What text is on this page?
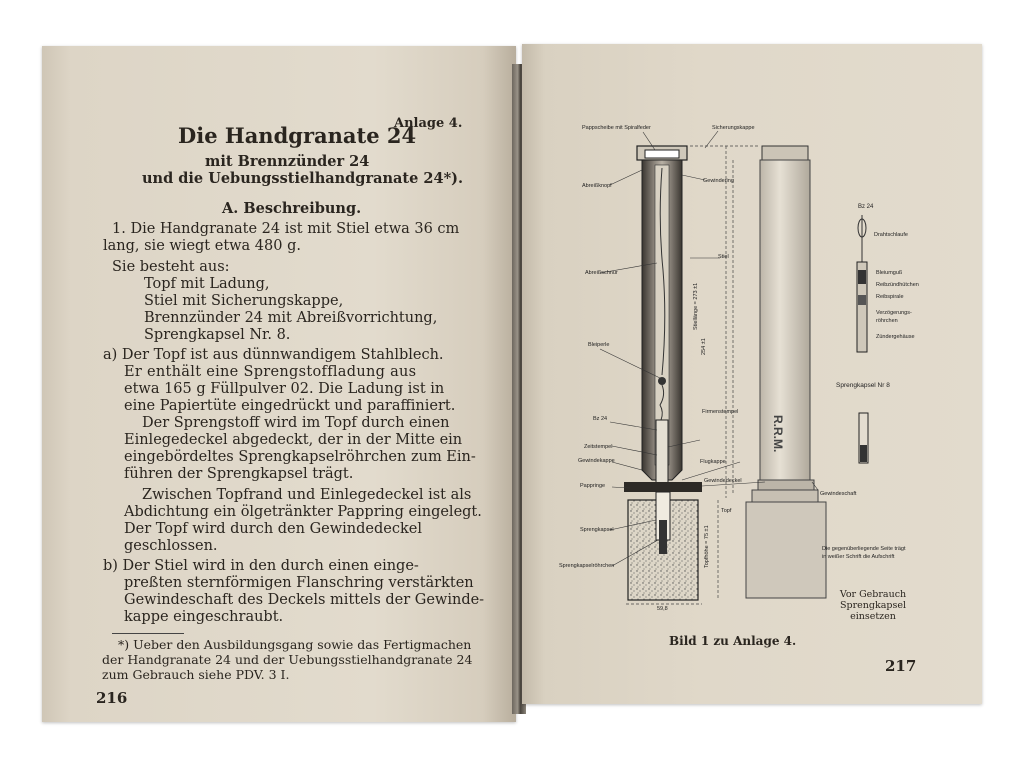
Anlage 4.
Die Handgranate 24
mit Brennzünder 24
und die Uebungsstielhandgranate 24*).
A. Beschreibung.
1. Die Handgranate 24 ist mit Stiel etwa 36 cm
lang, sie wiegt etwa 480 g.
Sie besteht aus:
Topf mit Ladung,
Stiel mit Sicherungskappe,
Brennzünder 24 mit Abreißvorrichtung,
Sprengkapsel Nr. 8.
a) Der Topf ist aus dünnwandigem Stahlblech.
Er enthält eine Sprengstoffladung aus
etwa 165 g Füllpulver 02. Die Ladung ist in
eine Papiertüte eingedrückt und paraffiniert.
Der Sprengstoff wird im Topf durch einen
Einlegedeckel abgedeckt, der in der Mitte ein
eingebördeltes Sprengkapselröhrchen zum Ein-
führen der Sprengkapsel trägt.
Zwischen Topfrand und Einlegedeckel ist als
Abdichtung ein ölgetränkter Pappring eingelegt.
Der Topf wird durch den Gewindedeckel
geschlossen.
b) Der Stiel wird in den durch einen einge-
preßten sternförmigen Flanschring verstärkten
Gewindeschaft des Deckels mittels der Gewinde-
kappe eingeschraubt.
*) Ueber den Ausbildungsgang sowie das Fertigmachen
der Handgranate 24 und der Uebungsstielhandgranate 24
zum Gebrauch siehe PDV. 3 I.
216
Pappscheibe mit Spiralfeder	Sicherungskappe
Abreißknopf
Gewindering
Abreißschnur
Stiel
Bleiperle
Bz 24
Firmenstempel
Zeitstempel
Gewindekappe	Flugkappe
Gewindedeckel
Pappringe
Gewindeschaft
Topf
Sprengkapsel
Sprengkapselröhrchen
Stiellänge = 273 ±1
254 ±1
Topfhöhe = 75 ±1
59,8
R.R.M.
Bz 24
Drahtschlaufe
Bleiumguß
Reibzündhütchen
Reibspirale
Verzögerungs-
röhrchen
Zündergehäuse
Sprengkapsel Nr 8
Die gegenüberliegende Seite trägt
in weißer Schrift die Aufschrift
Vor Gebrauch
Sprengkapsel
einsetzen
Bild 1 zu Anlage 4.
217
